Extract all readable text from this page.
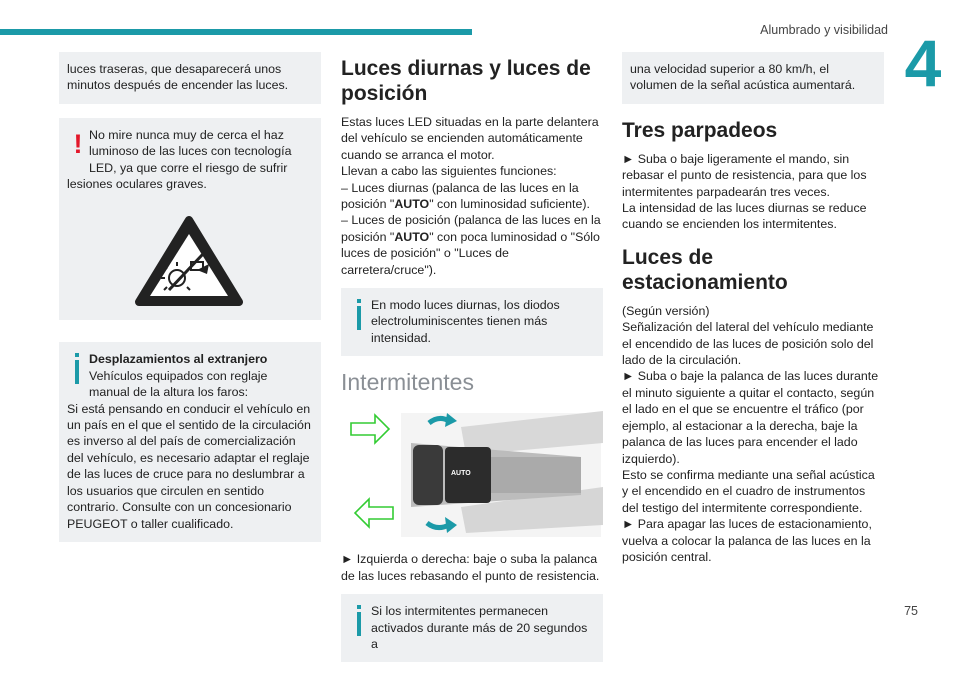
Alumbrado y visibilidad 4

luces traseras, que desaparecerá unos minutos después de encender las luces.

! No mire nunca muy de cerca el haz luminoso de las luces con tecnología LED, ya que corre el riesgo de sufrir lesiones oculares graves.

Desplazamientos al extranjero

Vehículos equipados con reglaje manual de la altura los faros:
Si está pensando en conducir el vehículo en un país en el que el sentido de la circulación es inverso al del país de comercialización del vehículo, es necesario adaptar el reglaje de las luces de cruce para no deslumbrar a los usuarios que circulen en sentido contrario. Consulte con un concesionario PEUGEOT o taller cualificado.

Luces diurnas y luces de posición

Estas luces LED situadas en la parte delantera del vehículo se encienden automáticamente cuando se arranca el motor.

Llevan a cabo las siguientes funciones:

– Luces diurnas (palanca de las luces en la posición "AUTO" con luminosidad suficiente).

– Luces de posición (palanca de las luces en la posición "AUTO" con poca luminosidad o "Sólo luces de posición" o "Luces de carretera/cruce").

En modo luces diurnas, los diodos electroluminiscentes tienen más intensidad.

Intermitentes
AUTO

► Izquierda o derecha: baje o suba la palanca de las luces rebasando el punto de resistencia.

Si los intermitentes permanecen activados durante más de 20 segundos a

una velocidad superior a 80 km/h, el volumen de la señal acústica aumentará.

Tres parpadeos

► Suba o baje ligeramente el mando, sin rebasar el punto de resistencia, para que los intermitentes parpadearán tres veces.

La intensidad de las luces diurnas se reduce cuando se encienden los intermitentes.

Luces de estacionamiento

(Según versión)

Señalización del lateral del vehículo mediante el encendido de las luces de posición solo del lado de la circulación.

► Suba o baje la palanca de las luces durante el minuto siguiente a quitar el contacto, según el lado en el que se encuentre el tráfico (por ejemplo, al estacionar a la derecha, baje la palanca de las luces para encender el lado izquierdo).

Esto se confirma mediante una señal acústica y el encendido en el cuadro de instrumentos del testigo del intermitente correspondiente.

► Para apagar las luces de estacionamiento, vuelva a colocar la palanca de las luces en la posición central.

75
